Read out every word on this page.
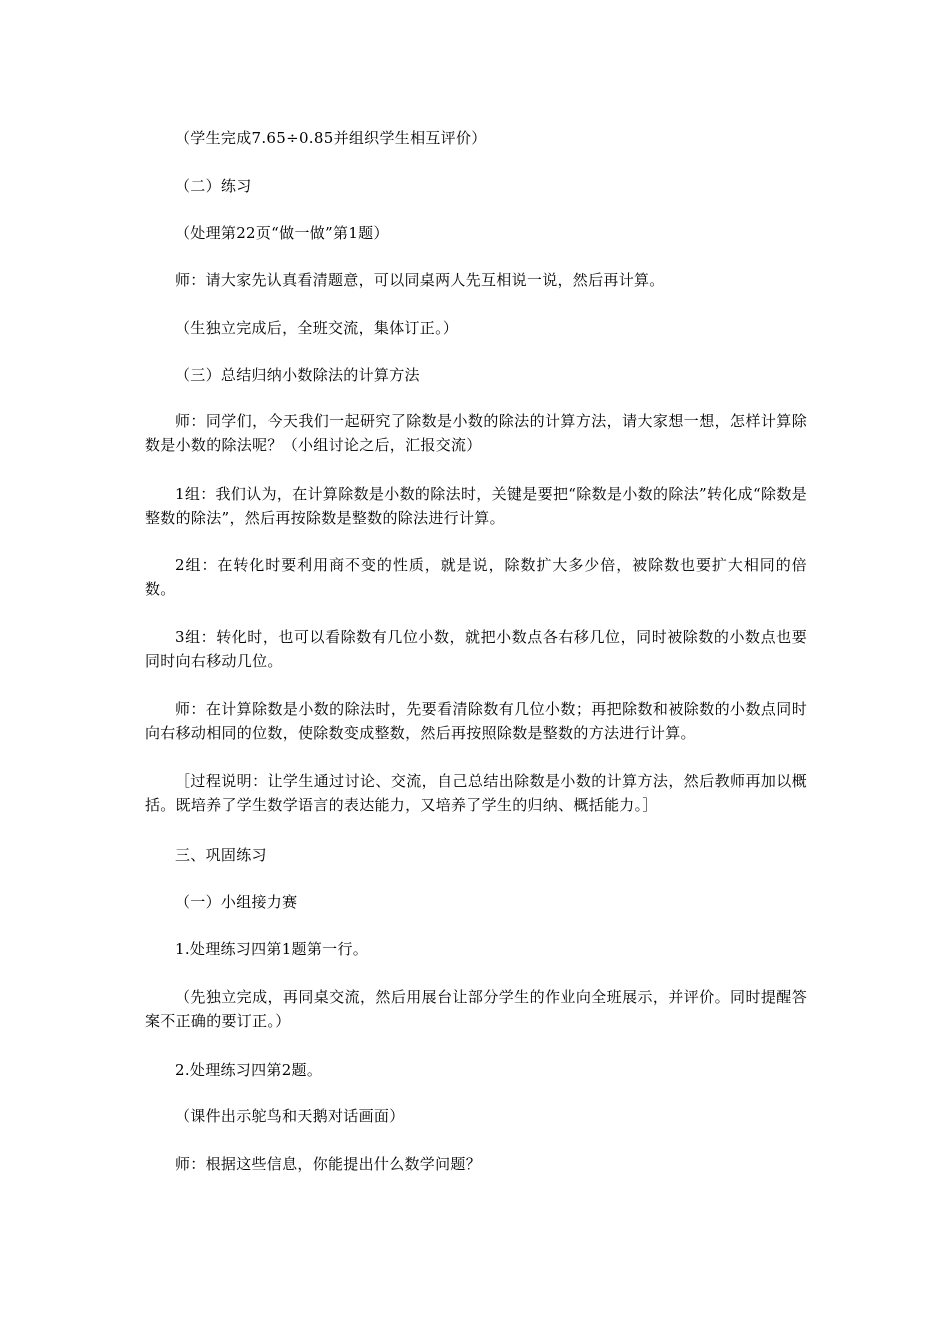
（学生完成7.65÷0.85并组织学生相互评价）

（二）练习

（处理第22页“做一做”第1题）

师：请大家先认真看清题意，可以同桌两人先互相说一说，然后再计算。

（生独立完成后，全班交流，集体订正。）

（三）总结归纳小数除法的计算方法

师：同学们，今天我们一起研究了除数是小数的除法的计算方法，请大家想一想，怎样计算除数是小数的除法呢？（小组讨论之后，汇报交流）

1组：我们认为，在计算除数是小数的除法时，关键是要把“除数是小数的除法”转化成“除数是整数的除法”，然后再按除数是整数的除法进行计算。

2组：在转化时要利用商不变的性质，就是说，除数扩大多少倍，被除数也要扩大相同的倍数。

3组：转化时，也可以看除数有几位小数，就把小数点各右移几位，同时被除数的小数点也要同时向右移动几位。

师：在计算除数是小数的除法时，先要看清除数有几位小数；再把除数和被除数的小数点同时向右移动相同的位数，使除数变成整数，然后再按照除数是整数的方法进行计算。

［过程说明：让学生通过讨论、交流，自己总结出除数是小数的计算方法，然后教师再加以概括。既培养了学生数学语言的表达能力，又培养了学生的归纳、概括能力。］

三、巩固练习

（一）小组接力赛

1.处理练习四第1题第一行。

（先独立完成，再同桌交流，然后用展台让部分学生的作业向全班展示，并评价。同时提醒答案不正确的要订正。）

2.处理练习四第2题。

（课件出示鸵鸟和天鹅对话画面）

师：根据这些信息，你能提出什么数学问题？
